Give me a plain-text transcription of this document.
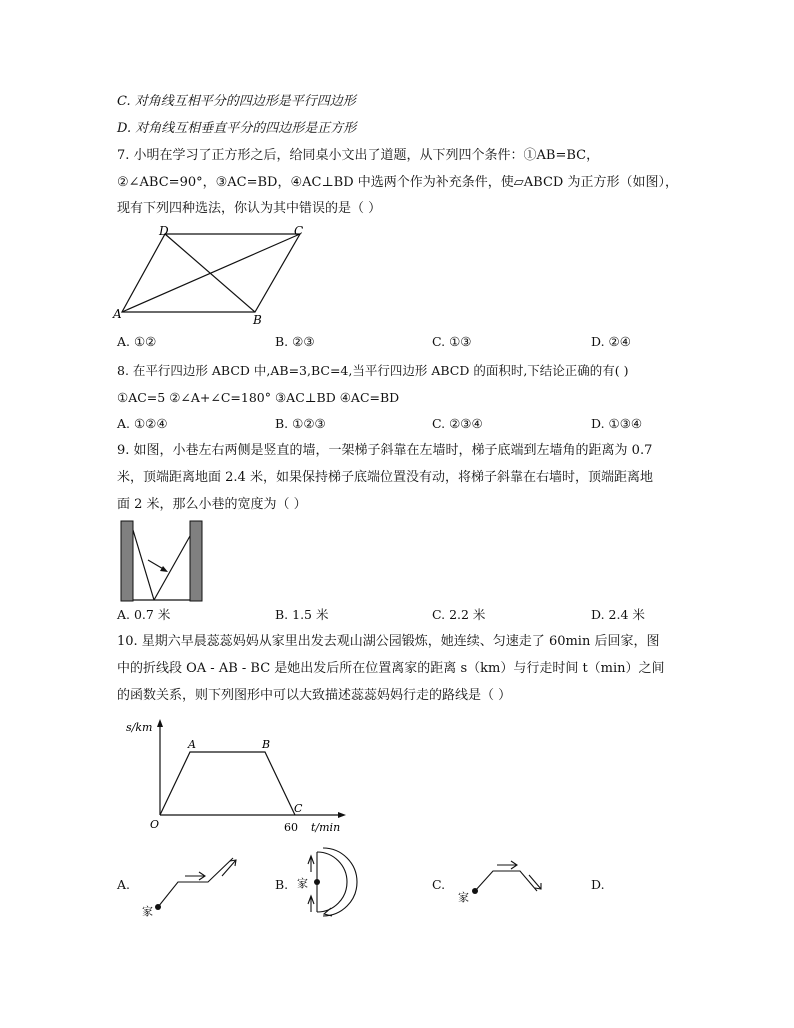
C. 对角线互相平分的四边形是平行四边形
D. 对角线互相垂直平分的四边形是正方形
7. 小明在学习了正方形之后，给同桌小文出了道题，从下列四个条件：①AB=BC，
②∠ABC=90°，③AC=BD，④AC⊥BD 中选两个作为补充条件，使▱ABCD 为正方形（如图），
现有下列四种选法，你认为其中错误的是（ ）
A	B
C
D
A. ①②	B. ②③	C. ①③	D. ②④
8. 在平行四边形 ABCD 中,AB=3,BC=4,当平行四边形 ABCD 的面积时,下结论正确的有( )
①AC=5 ②∠A+∠C=180° ③AC⊥BD ④AC=BD
A. ①②④	B. ①②③	C. ②③④	D. ①③④
9. 如图，小巷左右两侧是竖直的墙，一架梯子斜靠在左墙时，梯子底端到左墙角的距离为 0.7
米，顶端距离地面 2.4 米，如果保持梯子底端位置没有动，将梯子斜靠在右墙时，顶端距离地
面 2 米，那么小巷的宽度为（ ）
A. 0.7 米	B. 1.5 米	C. 2.2 米	D. 2.4 米
10. 星期六早晨蕊蕊妈妈从家里出发去观山湖公园锻炼，她连续、匀速走了 60min 后回家，图
中的折线段 OA - AB - BC 是她出发后所在位置离家的距离 s（km）与行走时间 t（min）之间
的函数关系，则下列图形中可以大致描述蕊蕊妈妈行走的路线是（ ）
s/km
t/min
O
A	B
C
60
A.
家
B. 家	C.
家
D.
